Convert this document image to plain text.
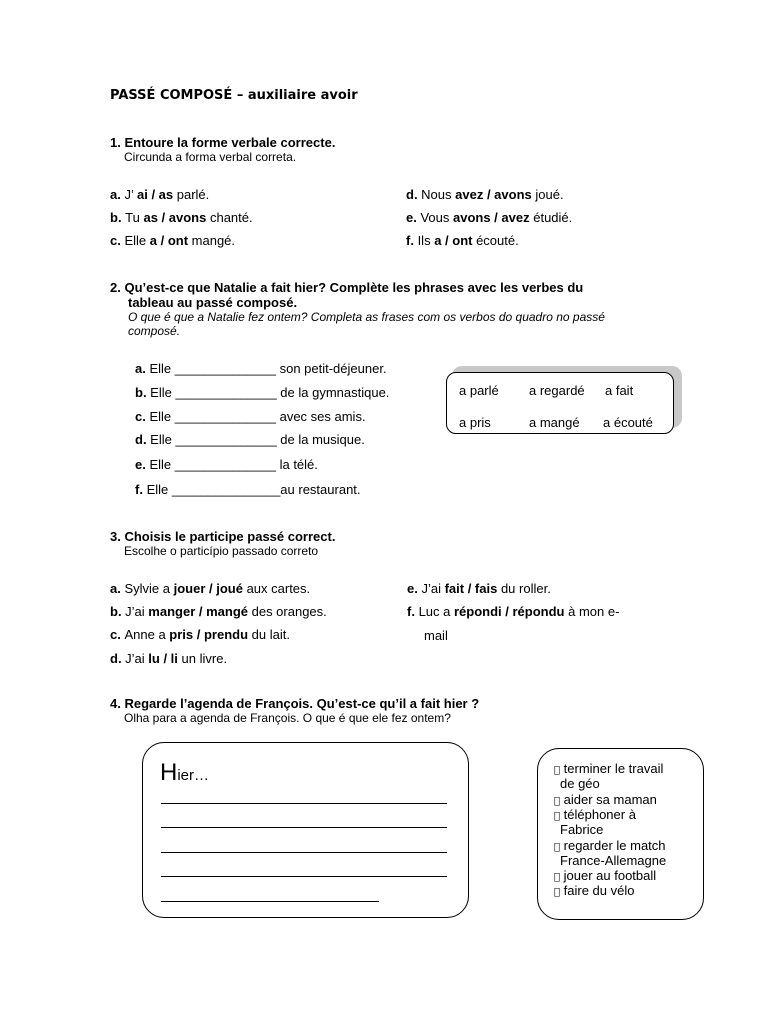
PASSÉ COMPOSÉ – auxiliaire avoir
1. Entoure la forme verbale correcte.
Circunda a forma verbal correta.
a. J’ ai / as parlé.
b. Tu as / avons chanté.
c. Elle a / ont mangé.
d. Nous avez / avons joué.
e. Vous avons / avez étudié.
f. Ils a / ont écouté.
2. Qu’est-ce que Natalie a fait hier? Complète les phrases avec les verbes du
tableau au passé composé.
O que é que a Natalie fez ontem? Completa as frases com os verbos do quadro no passé composé.
a. Elle ______________ son petit-déjeuner.
b. Elle ______________ de la gymnastique.
c. Elle ______________ avec ses amis.
d. Elle ______________ de la musique.
e. Elle ______________ la télé.
f. Elle _______________au restaurant.
a parlé a regardé a fait
a pris	a mangé a écouté
3. Choisis le participe passé correct.
Escolhe o particípio passado correto
a. Sylvie a jouer / joué aux cartes.
b. J’ai manger / mangé des oranges.
c. Anne a pris / prendu du lait.
d. J’ai lu / li un livre.
e. J’ai fait / fais du roller.
f. Luc a répondi / répondu à mon e-
mail
4. Regarde l’agenda de François. Qu’est-ce qu’il a fait hier ?
Olha para a agenda de François. O que é que ele fez ontem?
Hier…	terminer le travail
de géo
aider sa maman
téléphoner à
Fabrice
regarder le match
France-Allemagne
jouer au football
faire du vélo
